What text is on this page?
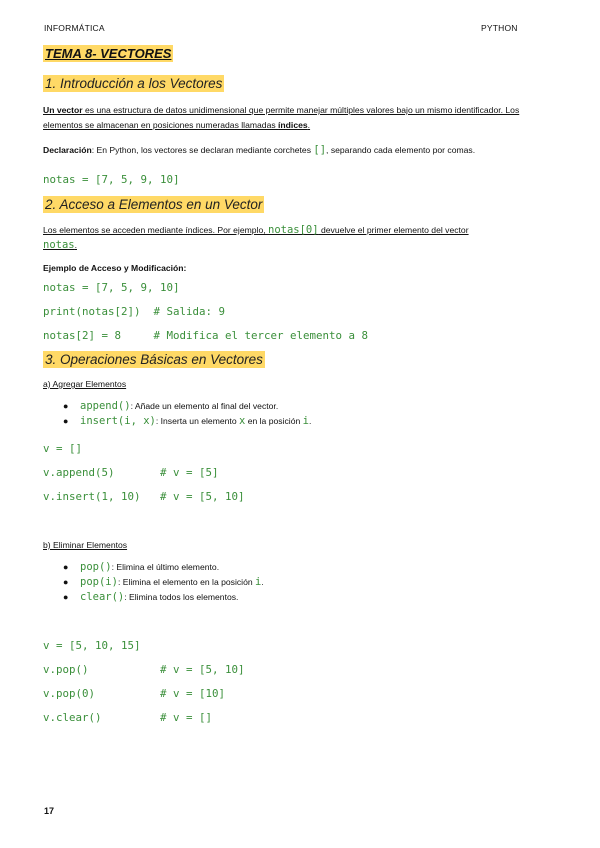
INFORMÁTICA	PYTHON
TEMA 8- VECTORES
1. Introducción a los Vectores
Un vector es una estructura de datos unidimensional que permite manejar múltiples valores bajo un mismo identificador. Los elementos se almacenan en posiciones numeradas llamadas índices.
Declaración: En Python, los vectores se declaran mediante corchetes [], separando cada elemento por comas.
notas = [7, 5, 9, 10]
2. Acceso a Elementos en un Vector
Los elementos se acceden mediante índices. Por ejemplo, notas[0] devuelve el primer elemento del vector
notas.
Ejemplo de Acceso y Modificación:
notas = [7, 5, 9, 10]
print(notas[2])  # Salida: 9
notas[2] = 8     # Modifica el tercer elemento a 8
3. Operaciones Básicas en Vectores
a) Agregar Elementos
● append(): Añade un elemento al final del vector.
● insert(i, x): Inserta un elemento x en la posición i.
v = []
v.append(5)       # v = [5]
v.insert(1, 10)   # v = [5, 10]
b) Eliminar Elementos
● pop(): Elimina el último elemento.
● pop(i): Elimina el elemento en la posición i.
● clear(): Elimina todos los elementos.
v = [5, 10, 15]
v.pop()           # v = [5, 10]
v.pop(0)          # v = [10]
v.clear()         # v = []
17
